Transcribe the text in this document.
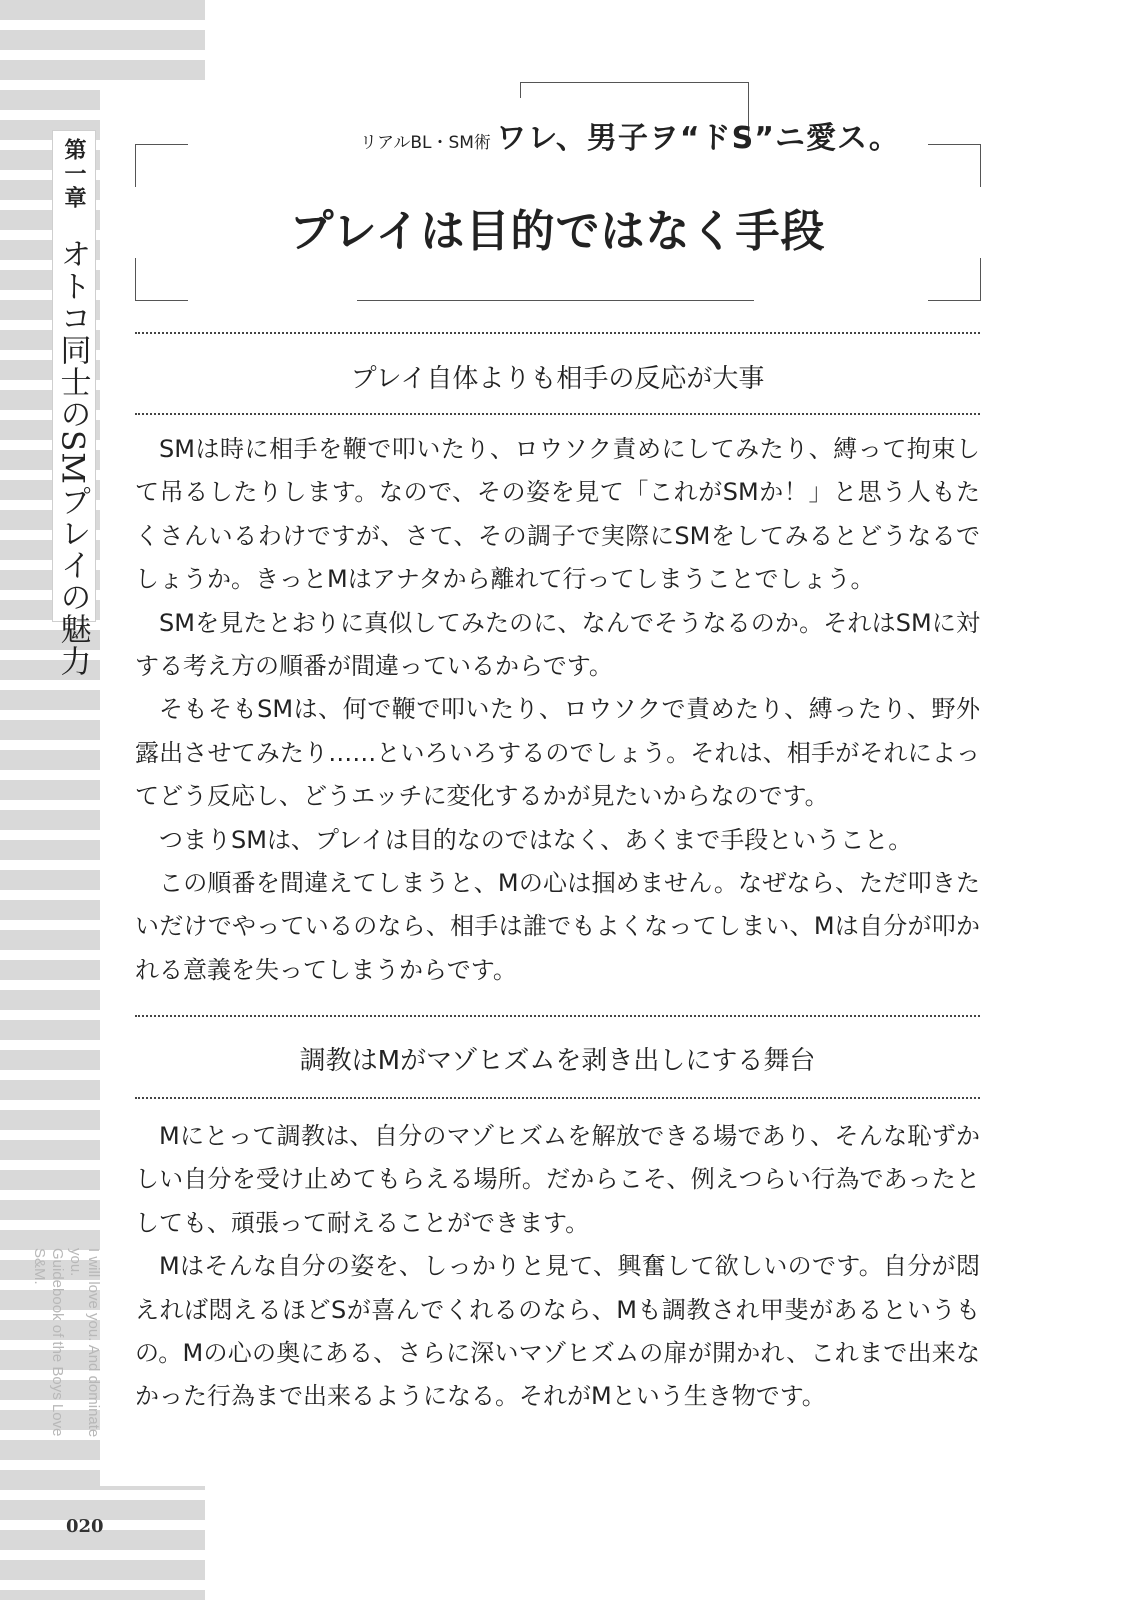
第一章
オトコ同士のSMプレイの魅力
I will love you. And dominate you.
Guidebook of the Boys Love S&M.
020
リアルBL・SM術 ワレ、男子ヲ“ドS”ニ愛ス。
プレイは目的ではなく手段
プレイ自体よりも相手の反応が大事

SMは時に相手を鞭で叩いたり、ロウソク責めにしてみたり、縛って拘束して吊るしたりします。なので、その姿を見て「これがSMか！」と思う人もたくさんいるわけですが、さて、その調子で実際にSMをしてみるとどうなるでしょうか。きっとMはアナタから離れて行ってしまうことでしょう。

SMを見たとおりに真似してみたのに、なんでそうなるのか。それはSMに対する考え方の順番が間違っているからです。

そもそもSMは、何で鞭で叩いたり、ロウソクで責めたり、縛ったり、野外露出させてみたり……といろいろするのでしょう。それは、相手がそれによってどう反応し、どうエッチに変化するかが見たいからなのです。

つまりSMは、プレイは目的なのではなく、あくまで手段ということ。

この順番を間違えてしまうと、Mの心は掴めません。なぜなら、ただ叩きたいだけでやっているのなら、相手は誰でもよくなってしまい、Mは自分が叩かれる意義を失ってしまうからです。

調教はMがマゾヒズムを剥き出しにする舞台

Mにとって調教は、自分のマゾヒズムを解放できる場であり、そんな恥ずかしい自分を受け止めてもらえる場所。だからこそ、例えつらい行為であったとしても、頑張って耐えることができます。

Mはそんな自分の姿を、しっかりと見て、興奮して欲しいのです。自分が悶えれば悶えるほどSが喜んでくれるのなら、Mも調教され甲斐があるというもの。Mの心の奥にある、さらに深いマゾヒズムの扉が開かれ、これまで出来なかった行為まで出来るようになる。それがMという生き物です。
